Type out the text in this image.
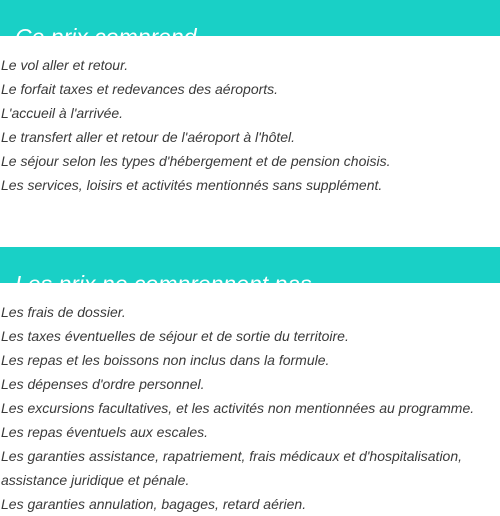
Ce prix comprend
Le vol aller et retour.
Le forfait taxes et redevances des aéroports.
L'accueil à l'arrivée.
Le transfert aller et retour de l'aéroport à l'hôtel.
Le séjour selon les types d'hébergement et de pension choisis.
Les services, loisirs et activités mentionnés sans supplément.
Les prix ne comprennent pas
Les frais de dossier.
Les taxes éventuelles de séjour et de sortie du territoire.
Les repas et les boissons non inclus dans la formule.
Les dépenses d'ordre personnel.
Les excursions facultatives, et les activités non mentionnées au programme.
Les repas éventuels aux escales.
Les garanties assistance, rapatriement, frais médicaux et d'hospitalisation,
assistance juridique et pénale.
Les garanties annulation, bagages, retard aérien.
